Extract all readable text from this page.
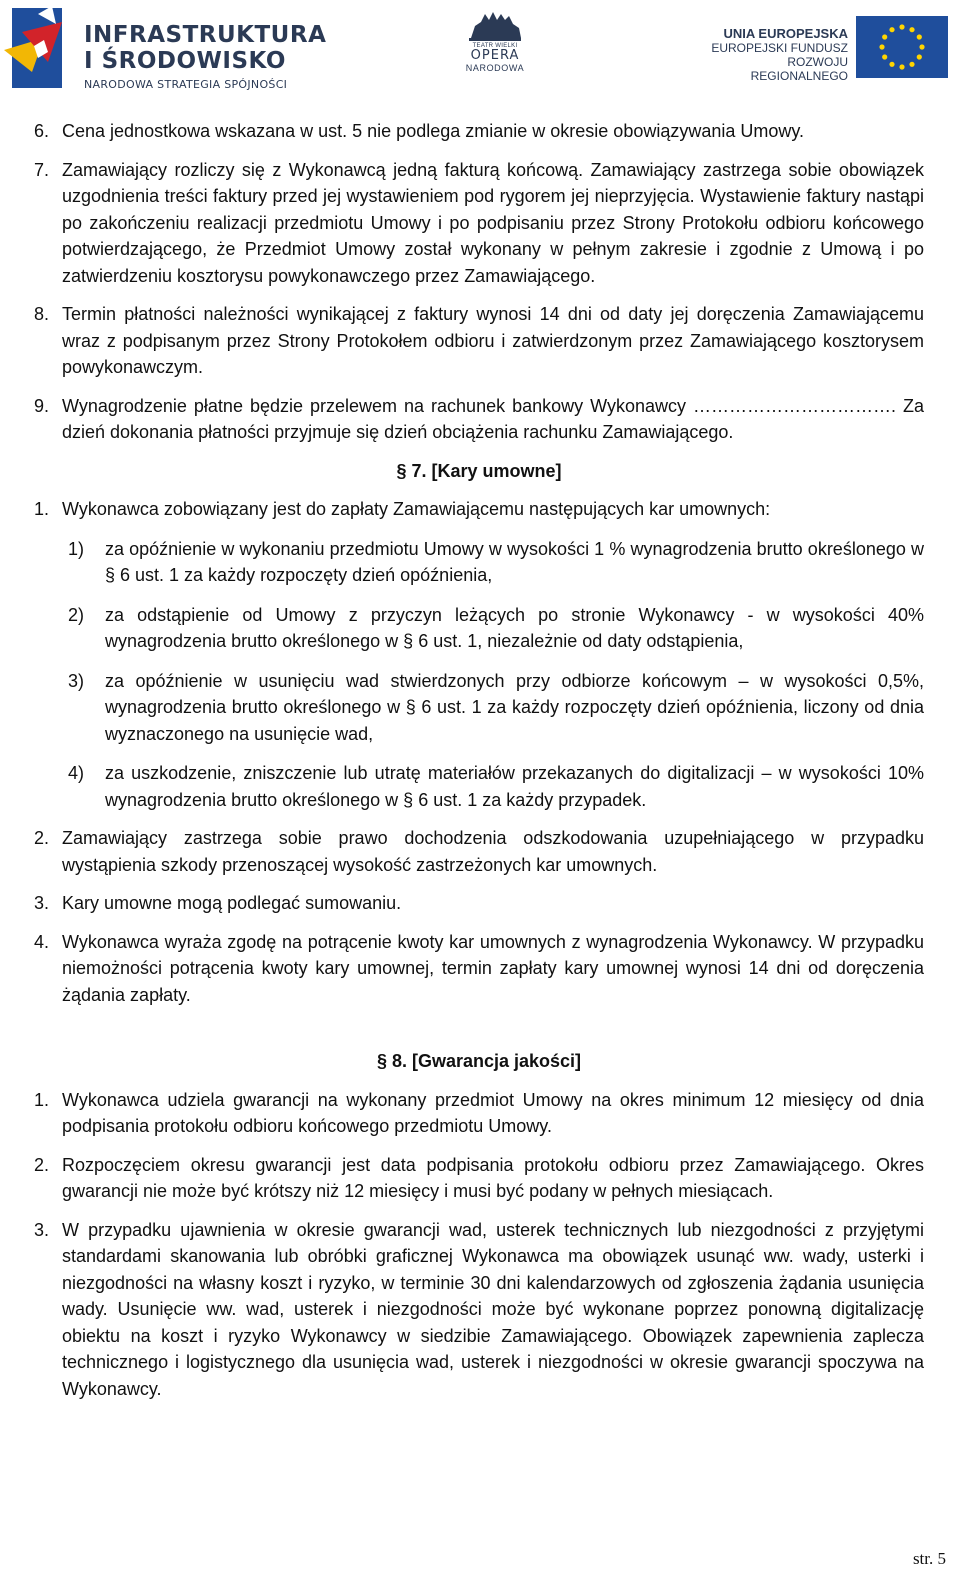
INFRASTRUKTURA
I ŚRODOWISKO
NARODOWA STRATEGIA SPÓJNOŚCI
TEATR WIELKI
OPERA
NARODOWA
UNIA EUROPEJSKA
EUROPEJSKI FUNDUSZ
ROZWOJU REGIONALNEGO
6. Cena jednostkowa wskazana w ust. 5 nie podlega zmianie w okresie obowiązywania Umowy.

7. Zamawiający rozliczy się z Wykonawcą jedną fakturą końcową. Zamawiający zastrzega sobie obowiązek uzgodnienia treści faktury przed jej wystawieniem pod rygorem jej nieprzyjęcia. Wystawienie faktury nastąpi po zakończeniu realizacji przedmiotu Umowy i po podpisaniu przez Strony Protokołu odbioru końcowego potwierdzającego, że Przedmiot Umowy został wykonany w pełnym zakresie i zgodnie z Umową i po zatwierdzeniu kosztorysu powykonawczego przez Zamawiającego.

8. Termin płatności należności wynikającej z faktury wynosi 14 dni od daty jej doręczenia Zamawiającemu wraz z podpisanym przez Strony Protokołem odbioru i zatwierdzonym przez Zamawiającego kosztorysem powykonawczym.

9. Wynagrodzenie płatne będzie przelewem na rachunek bankowy Wykonawcy ……………………………. Za dzień dokonania płatności przyjmuje się dzień obciążenia rachunku Zamawiającego.

§ 7. [Kary umowne]

1. Wykonawca zobowiązany jest do zapłaty Zamawiającemu następujących kar umownych:

1)	za opóźnienie w wykonaniu przedmiotu Umowy w wysokości 1 % wynagrodzenia brutto określonego w § 6 ust. 1 za każdy rozpoczęty dzień opóźnienia,

2)	za odstąpienie od Umowy z przyczyn leżących po stronie Wykonawcy - w wysokości 40% wynagrodzenia brutto określonego w § 6 ust. 1, niezależnie od daty odstąpienia,

3)	za opóźnienie w usunięciu wad stwierdzonych przy odbiorze końcowym – w wysokości 0,5%, wynagrodzenia brutto określonego w § 6 ust. 1 za każdy rozpoczęty dzień opóźnienia, liczony od dnia wyznaczonego na usunięcie wad,

4)	za uszkodzenie, zniszczenie lub utratę materiałów przekazanych do digitalizacji – w wysokości 10% wynagrodzenia brutto określonego w § 6 ust. 1 za każdy przypadek.

2. Zamawiający zastrzega sobie prawo dochodzenia odszkodowania uzupełniającego w przypadku wystąpienia szkody przenoszącej wysokość zastrzeżonych kar umownych.

3. Kary umowne mogą podlegać sumowaniu.

4. Wykonawca wyraża zgodę na potrącenie kwoty kar umownych z wynagrodzenia Wykonawcy. W przypadku niemożności potrącenia kwoty kary umownej, termin zapłaty kary umownej wynosi 14 dni od doręczenia żądania zapłaty.

§ 8. [Gwarancja jakości]

1. Wykonawca udziela gwarancji na wykonany przedmiot Umowy na okres minimum 12 miesięcy od dnia podpisania protokołu odbioru końcowego przedmiotu Umowy.

2. Rozpoczęciem okresu gwarancji jest data podpisania protokołu odbioru przez Zamawiającego. Okres gwarancji nie może być krótszy niż 12 miesięcy i musi być podany w pełnych miesiącach.

3. W przypadku ujawnienia w okresie gwarancji wad, usterek technicznych lub niezgodności z przyjętymi standardami skanowania lub obróbki graficznej Wykonawca ma obowiązek usunąć ww. wady, usterki i niezgodności na własny koszt i ryzyko, w terminie 30 dni kalendarzowych od zgłoszenia żądania usunięcia wady. Usunięcie ww. wad, usterek i niezgodności może być wykonane poprzez ponowną digitalizację obiektu na koszt i ryzyko Wykonawcy w siedzibie Zamawiającego. Obowiązek zapewnienia zaplecza technicznego i logistycznego dla usunięcia wad, usterek i niezgodności w okresie gwarancji spoczywa na Wykonawcy.

str. 5
